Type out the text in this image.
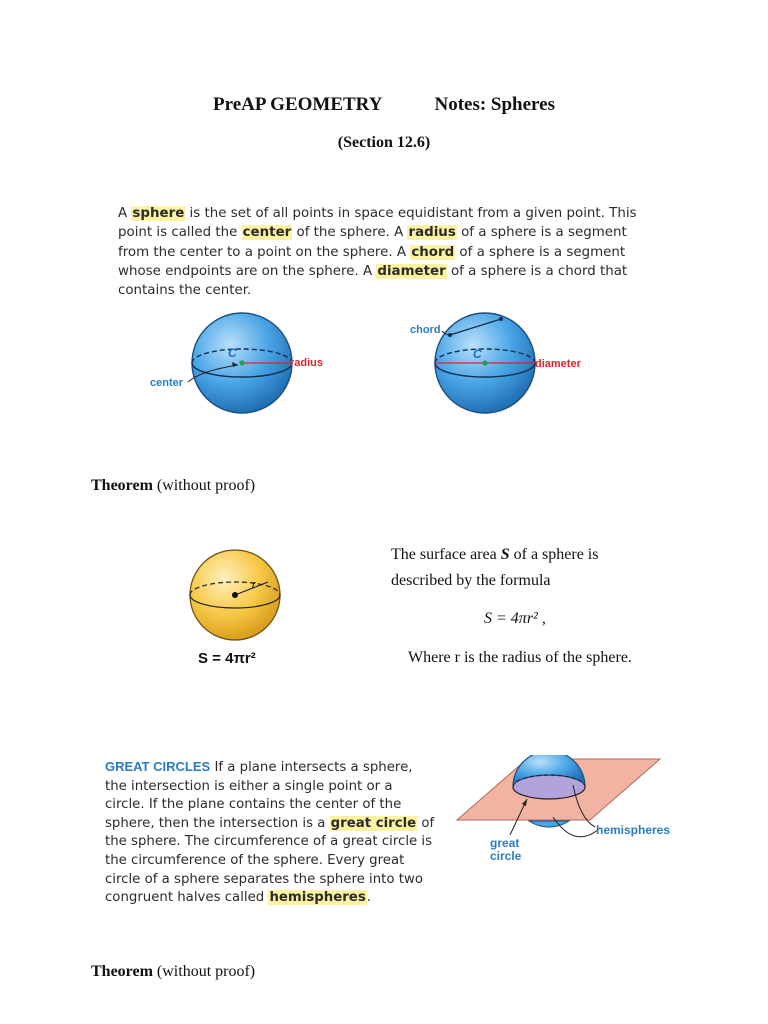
PreAP GEOMETRY	Notes: Spheres
(Section 12.6)
A sphere is the set of all points in space equidistant from a given point. This point is called the center of the sphere. A radius of a sphere is a segment from the center to a point on the sphere. A chord of a sphere is a segment whose endpoints are on the sphere. A diameter of a sphere is a chord that contains the center.
C
radius
center
C
chord
diameter
Theorem (without proof)
r
S = 4πr²
The surface area S of a sphere is
described by the formula
S = 4πr² ,
Where r is the radius of the sphere.
GREAT CIRCLES If a plane intersects a sphere, the intersection is either a single point or a circle. If the plane contains the center of the sphere, then the intersection is a great circle of the sphere. The circumference of a great circle is the circumference of the sphere. Every great circle of a sphere separates the sphere into two congruent halves called hemispheres.
hemispheres
great
circle
Theorem (without proof)
